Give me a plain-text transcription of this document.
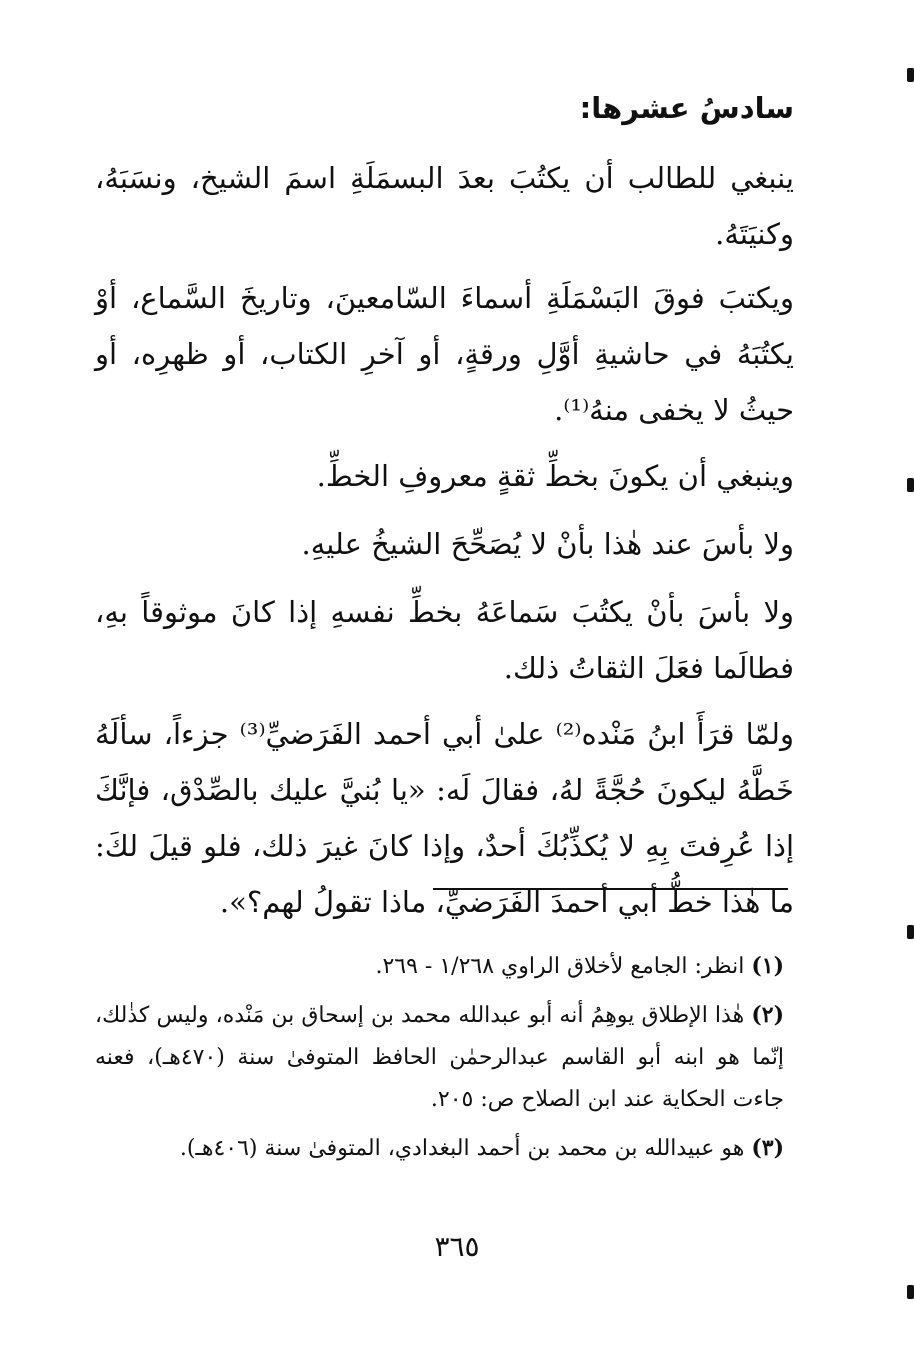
سادسُ عشرها:

ينبغي للطالب أن يكتُبَ بعدَ البسمَلَةِ اسمَ الشيخ، ونسَبَهُ، وكنيَتَهُ.

ويكتبَ فوقَ البَسْمَلَةِ أسماءَ السّامعينَ، وتاريخَ السَّماع، أوْ يكتُبَهُ في حاشيةِ أوَّلِ ورقةٍ، أو آخرِ الكتاب، أو ظهرِه، أو حيثُ لا يخفى منهُ⁽¹⁾.

وينبغي أن يكونَ بخطِّ ثقةٍ معروفِ الخطِّ.

ولا بأسَ عند هٰذا بأنْ لا يُصَحِّحَ الشيخُ عليهِ.

ولا بأسَ بأنْ يكتُبَ سَماعَهُ بخطِّ نفسهِ إذا كانَ موثوقاً بهِ، فطالَما فعَلَ الثقاتُ ذلك.

ولمّا قرَأَ ابنُ مَنْده⁽²⁾ علىٰ أبي أحمد الفَرَضيِّ⁽³⁾ جزءاً، سألَهُ خَطَّهُ ليكونَ حُجَّةً لهُ، فقالَ لَه: «يا بُنيَّ عليك بالصِّدْق، فإنَّكَ إذا عُرِفتَ بِهِ لا يُكذِّبُكَ أحدٌ، وإذا كانَ غيرَ ذلك، فلو قيلَ لكَ: ما هٰذا خطُّ أبي أحمدَ الفَرَضيِّ، ماذا تقولُ لهم؟».

(١) انظر: الجامع لأخلاق الراوي ١/٢٦٨ - ٢٦٩.

(٢) هٰذا الإطلاق يوهِمُ أنه أبو عبدالله محمد بن إسحاق بن مَنْده، وليس كذٰلك، إنّما هو ابنه أبو القاسم عبدالرحمٰن الحافظ المتوفىٰ سنة (٤٧٠هـ)، فعنه جاءت الحكاية عند ابن الصلاح ص: ٢٠٥.

(٣) هو عبيدالله بن محمد بن أحمد البغدادي، المتوفىٰ سنة (٤٠٦هـ).

٣٦٥
